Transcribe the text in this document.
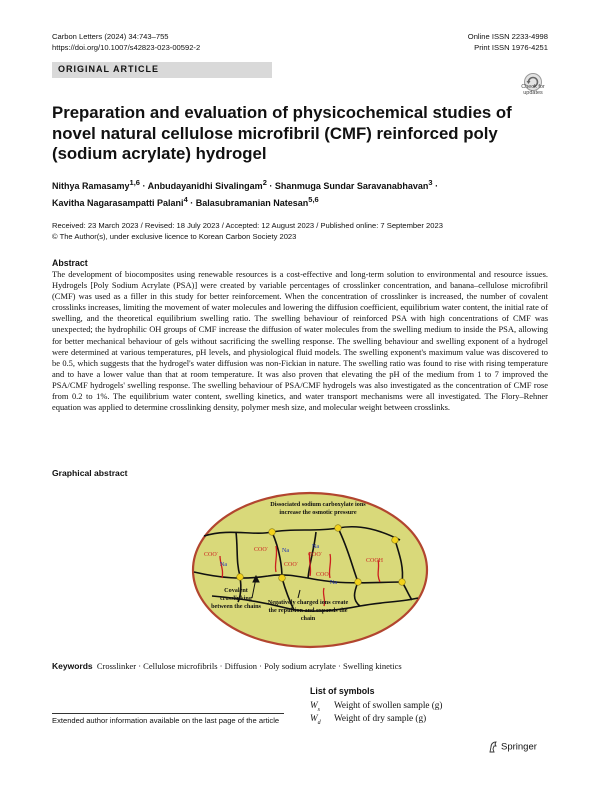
Carbon Letters (2024) 34:743–755
https://doi.org/10.1007/s42823-023-00592-2
Online ISSN 2233-4998
Print ISSN 1976-4251
ORIGINAL ARTICLE
Check for
updates
Preparation and evaluation of physicochemical studies of novel natural cellulose microfibril (CMF) reinforced poly (sodium acrylate) hydrogel
Nithya Ramasamy$^{1,6}$ · Anbudayanidhi Sivalingam$^2$ · Shanmuga Sundar Saravanabhavan$^3$ ·
Kavitha Nagarasampatti Palani$^4$ · Balasubramanian Natesan$^{5,6}$
Received: 23 March 2023 / Revised: 18 July 2023 / Accepted: 12 August 2023 / Published online: 7 September 2023
© The Author(s), under exclusive licence to Korean Carbon Society 2023
Abstract
The development of biocomposites using renewable resources is a cost-effective and long-term solution to environmental and resource issues. Hydrogels [Poly Sodium Acrylate (PSA)] were created by variable percentages of crosslinker concentration, and banana–cellulose microfibril (CMF) was used as a filler in this study for better reinforcement. When the concentration of crosslinker is increased, the number of covalent crosslinks increases, limiting the movement of water molecules and lowering the diffusion coefficient, equilibrium water content, the initial rate of swelling, and the theoretical equilibrium swelling ratio. The swelling behaviour of reinforced PSA with high concentrations of CMF was unexpected; the hydrophilic OH groups of CMF increase the diffusion of water molecules from the swelling medium to inside the PSA, allowing for better mechanical behaviour of gels without sacrificing the swelling response. The swelling behaviour and swelling exponent of a hydrogel were determined at various temperatures, pH levels, and physiological fluid models. The swelling exponent's maximum value was discovered to be 0.5, which suggests that the hydrogel's water diffusion was non-Fickian in nature. The swelling ratio was found to rise with rising temperature and to have a lower value than that at room temperature. It was also proven that elevating the pH of the medium from 1 to 7 improved the PSA/CMF hydrogels' swelling response. The swelling behaviour of PSA/CMF hydrogels was also investigated as the concentration of CMF rose from 0.2 to 1%. The equilibrium water content, swelling kinetics, and water transport mechanisms were all investigated. The Flory–Rehner equation was applied to determine crosslinking density, polymer mesh size, and molecular weight between crosslinks.
Graphical abstract
Dissociated sodium carboxylate ions
increase the osmotic pressure
Covalent
crosslinking
between the chains
Negatively charged ions create
the repulsion and expands the
chain
COO-
Na
COO-
Na
COO-
Na
COO-
COO-
Na
COOH
Keywords Crosslinker · Cellulose microfibrils · Diffusion · Poly sodium acrylate · Swelling kinetics
List of symbols
$W_s$ Weight of swollen sample (g)
$W_d$ Weight of dry sample (g)
Extended author information available on the last page of the article
Springer
